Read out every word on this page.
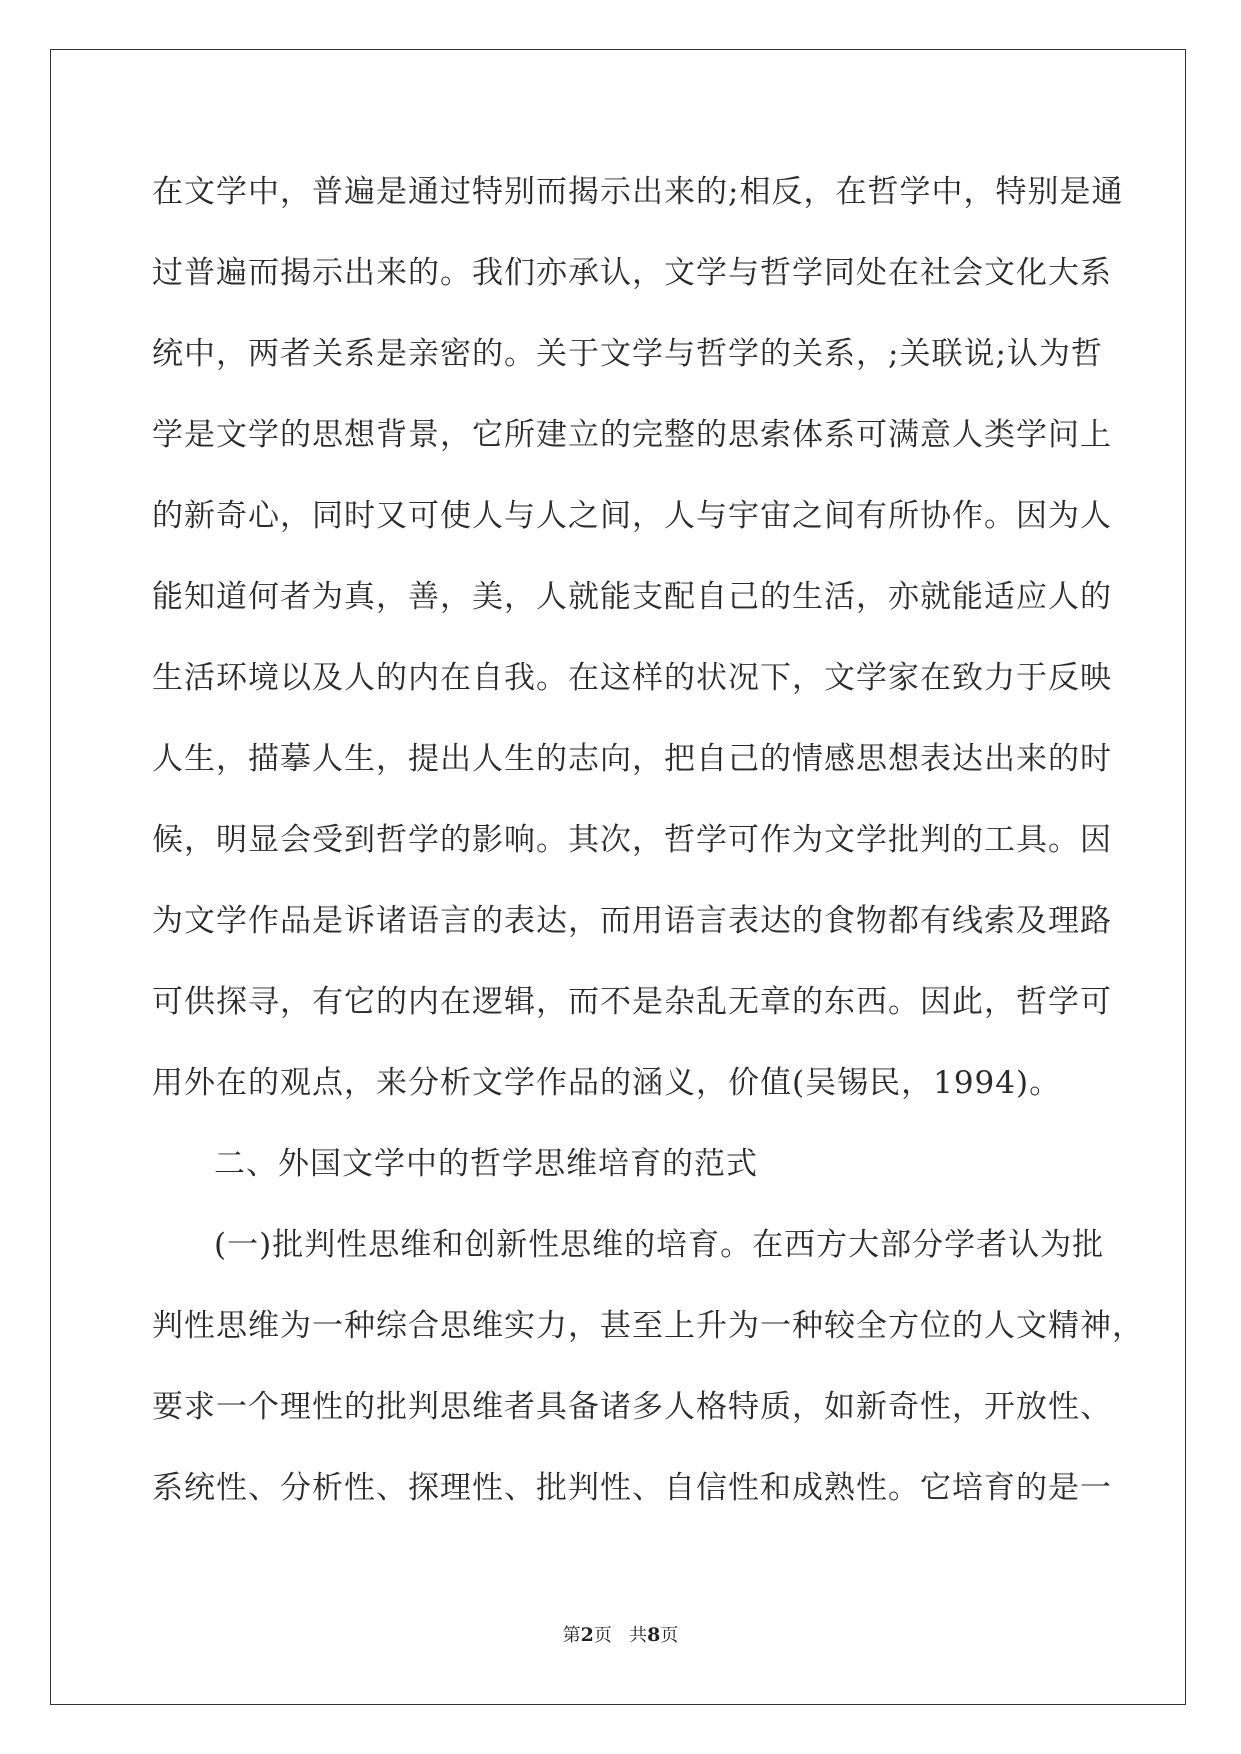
在文学中，普遍是通过特别而揭示出来的;相反，在哲学中，特别是通
过普遍而揭示出来的。我们亦承认，文学与哲学同处在社会文化大系
统中，两者关系是亲密的。关于文学与哲学的关系，;关联说;认为哲
学是文学的思想背景，它所建立的完整的思索体系可满意人类学问上
的新奇心，同时又可使人与人之间，人与宇宙之间有所协作。因为人
能知道何者为真，善，美，人就能支配自己的生活，亦就能适应人的
生活环境以及人的内在自我。在这样的状况下，文学家在致力于反映
人生，描摹人生，提出人生的志向，把自己的情感思想表达出来的时
候，明显会受到哲学的影响。其次，哲学可作为文学批判的工具。因
为文学作品是诉诸语言的表达，而用语言表达的食物都有线索及理路
可供探寻，有它的内在逻辑，而不是杂乱无章的东西。因此，哲学可
用外在的观点，来分析文学作品的涵义，价值(吴锡民，1994)。
二、外国文学中的哲学思维培育的范式
(一)批判性思维和创新性思维的培育。在西方大部分学者认为批
判性思维为一种综合思维实力，甚至上升为一种较全方位的人文精神，
要求一个理性的批判思维者具备诸多人格特质，如新奇性，开放性、
系统性、分析性、探理性、批判性、自信性和成熟性。它培育的是一
第2页 共8页
